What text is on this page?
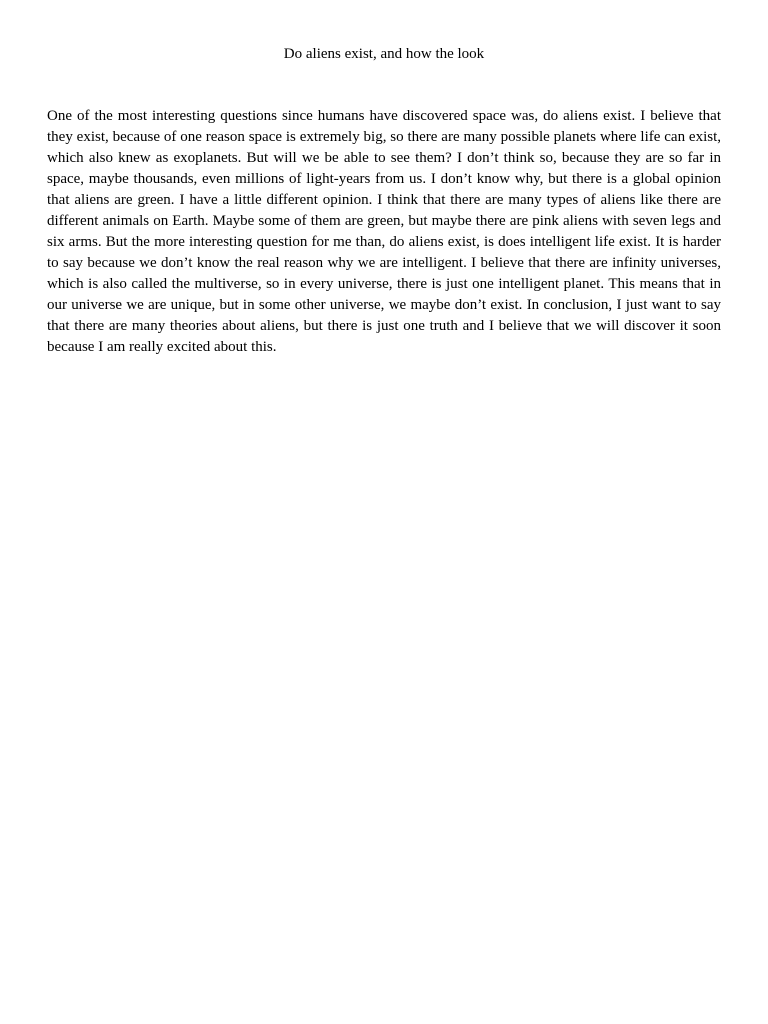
Do aliens exist, and how the look

One of the most interesting questions since humans have discovered space was, do aliens exist. I believe that they exist, because of one reason space is extremely big, so there are many possible planets where life can exist, which also knew as exoplanets. But will we be able to see them? I don’t think so, because they are so far in space, maybe thousands, even millions of light-years from us. I don’t know why, but there is a global opinion that aliens are green. I have a little different opinion. I think that there are many types of aliens like there are different animals on Earth. Maybe some of them are green, but maybe there are pink aliens with seven legs and six arms. But the more interesting question for me than, do aliens exist, is does intelligent life exist. It is harder to say because we don’t know the real reason why we are intelligent. I believe that there are infinity universes, which is also called the multiverse, so in every universe, there is just one intelligent planet. This means that in our universe we are unique, but in some other universe, we maybe don’t exist. In conclusion, I just want to say that there are many theories about aliens, but there is just one truth and I believe that we will discover it soon because I am really excited about this.
